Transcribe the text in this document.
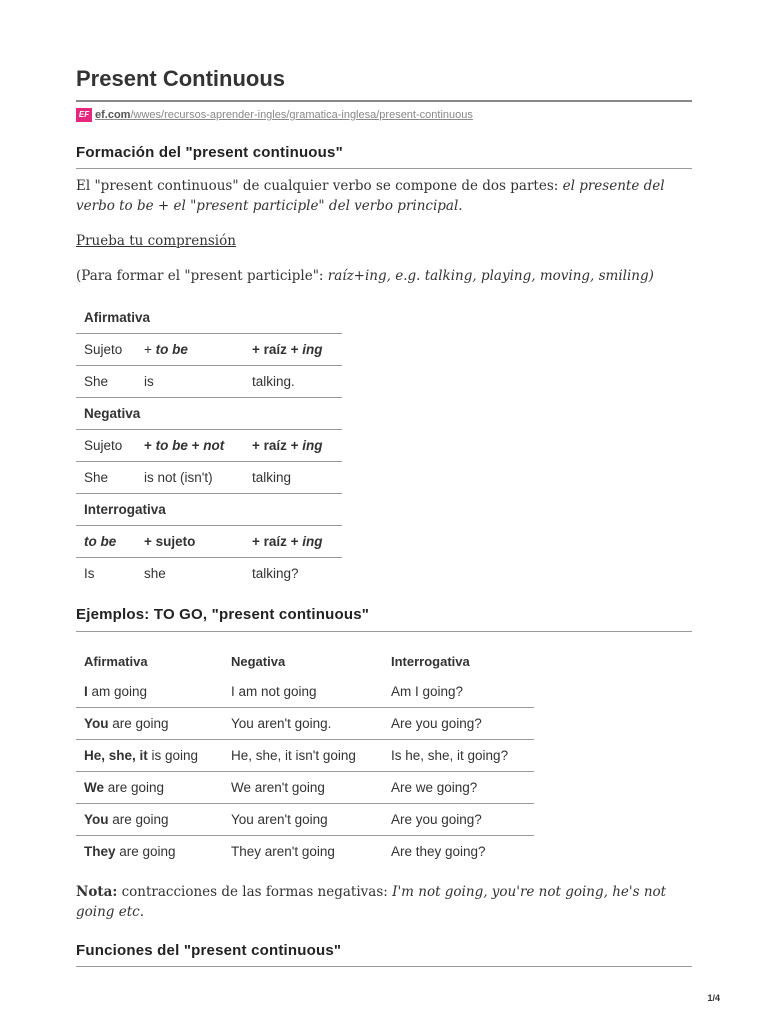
Present Continuous
EF ef.com/wwes/recursos-aprender-ingles/gramatica-inglesa/present-continuous
Formación del "present continuous"
El "present continuous" de cualquier verbo se compone de dos partes: el presente del verbo to be + el "present participle" del verbo principal.
Prueba tu comprensión
(Para formar el "present participle": raíz+ing, e.g. talking, playing, moving, smiling)
Afirmativa		
Sujeto	+ to be	+ raíz + ing
She	is	talking.
Negativa		
Sujeto	+ to be + not	+ raíz + ing
She	is not (isn't)	talking
Interrogativa		
to be	+ sujeto	+ raíz + ing
Is	she	talking?
Ejemplos: TO GO, "present continuous"
Afirmativa	Negativa	Interrogativa
I am going	I am not going	Am I going?
You are going	You aren't going.	Are you going?
He, she, it is going	He, she, it isn't going	Is he, she, it going?
We are going	We aren't going	Are we going?
You are going	You aren't going	Are you going?
They are going	They aren't going	Are they going?
Nota: contracciones de las formas negativas: I'm not going, you're not going, he's not going etc.
Funciones del "present continuous"
1/4
